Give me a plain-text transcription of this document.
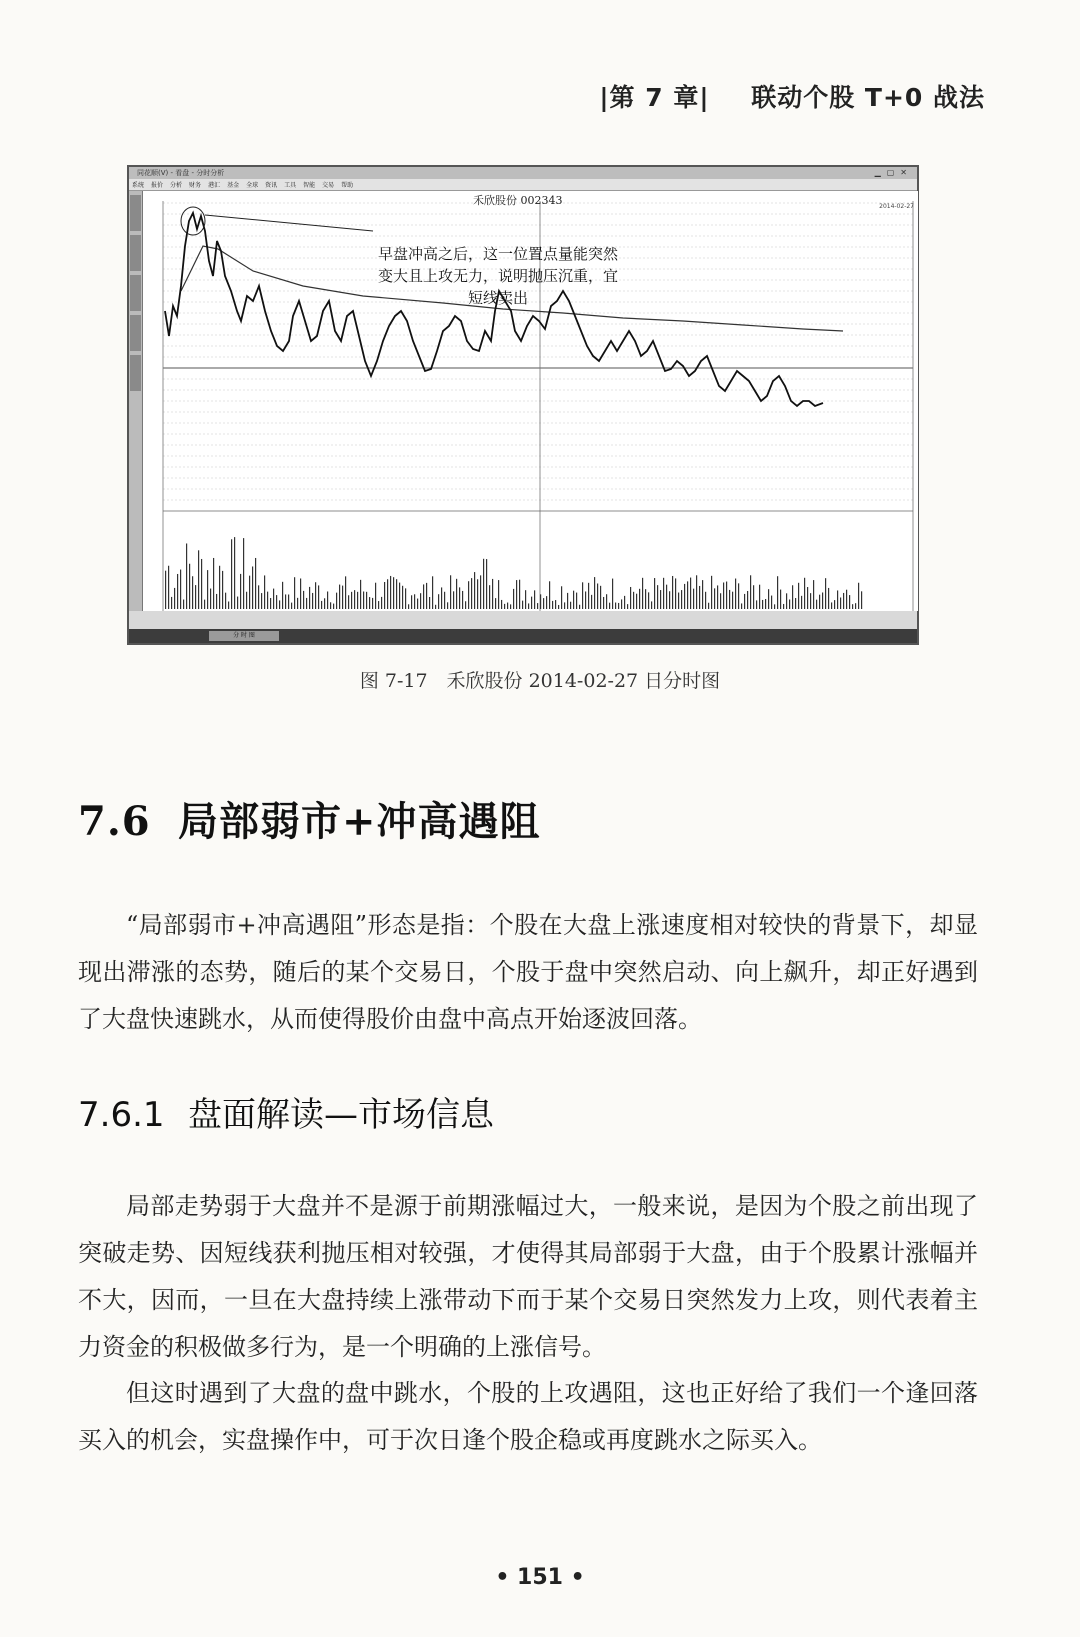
|第 7 章| 联动个股 T+0 战法
同花顺(V) - 看盘 - 分时分析	▁▢✕
系统 报价 分析 财务 港汇 基金 全球 资讯 工具 智能 交易 帮助
禾欣股份 002343	2014-02-27
早盘冲高之后，这一位置点量能突然变大且上攻无力，说明抛压沉重，宜短线卖出
分 时 图
图 7-17　禾欣股份 2014-02-27 日分时图
7.6 局部弱市+冲高遇阻
“局部弱市+冲高遇阻”形态是指：个股在大盘上涨速度相对较快的背景下，却显现出滞涨的态势，随后的某个交易日，个股于盘中突然启动、向上飙升，却正好遇到了大盘快速跳水，从而使得股价由盘中高点开始逐波回落。
7.6.1 盘面解读—市场信息
局部走势弱于大盘并不是源于前期涨幅过大，一般来说，是因为个股之前出现了突破走势、因短线获利抛压相对较强，才使得其局部弱于大盘，由于个股累计涨幅并不大，因而，一旦在大盘持续上涨带动下而于某个交易日突然发力上攻，则代表着主力资金的积极做多行为，是一个明确的上涨信号。
但这时遇到了大盘的盘中跳水，个股的上攻遇阻，这也正好给了我们一个逢回落买入的机会，实盘操作中，可于次日逢个股企稳或再度跳水之际买入。
• 151 •
